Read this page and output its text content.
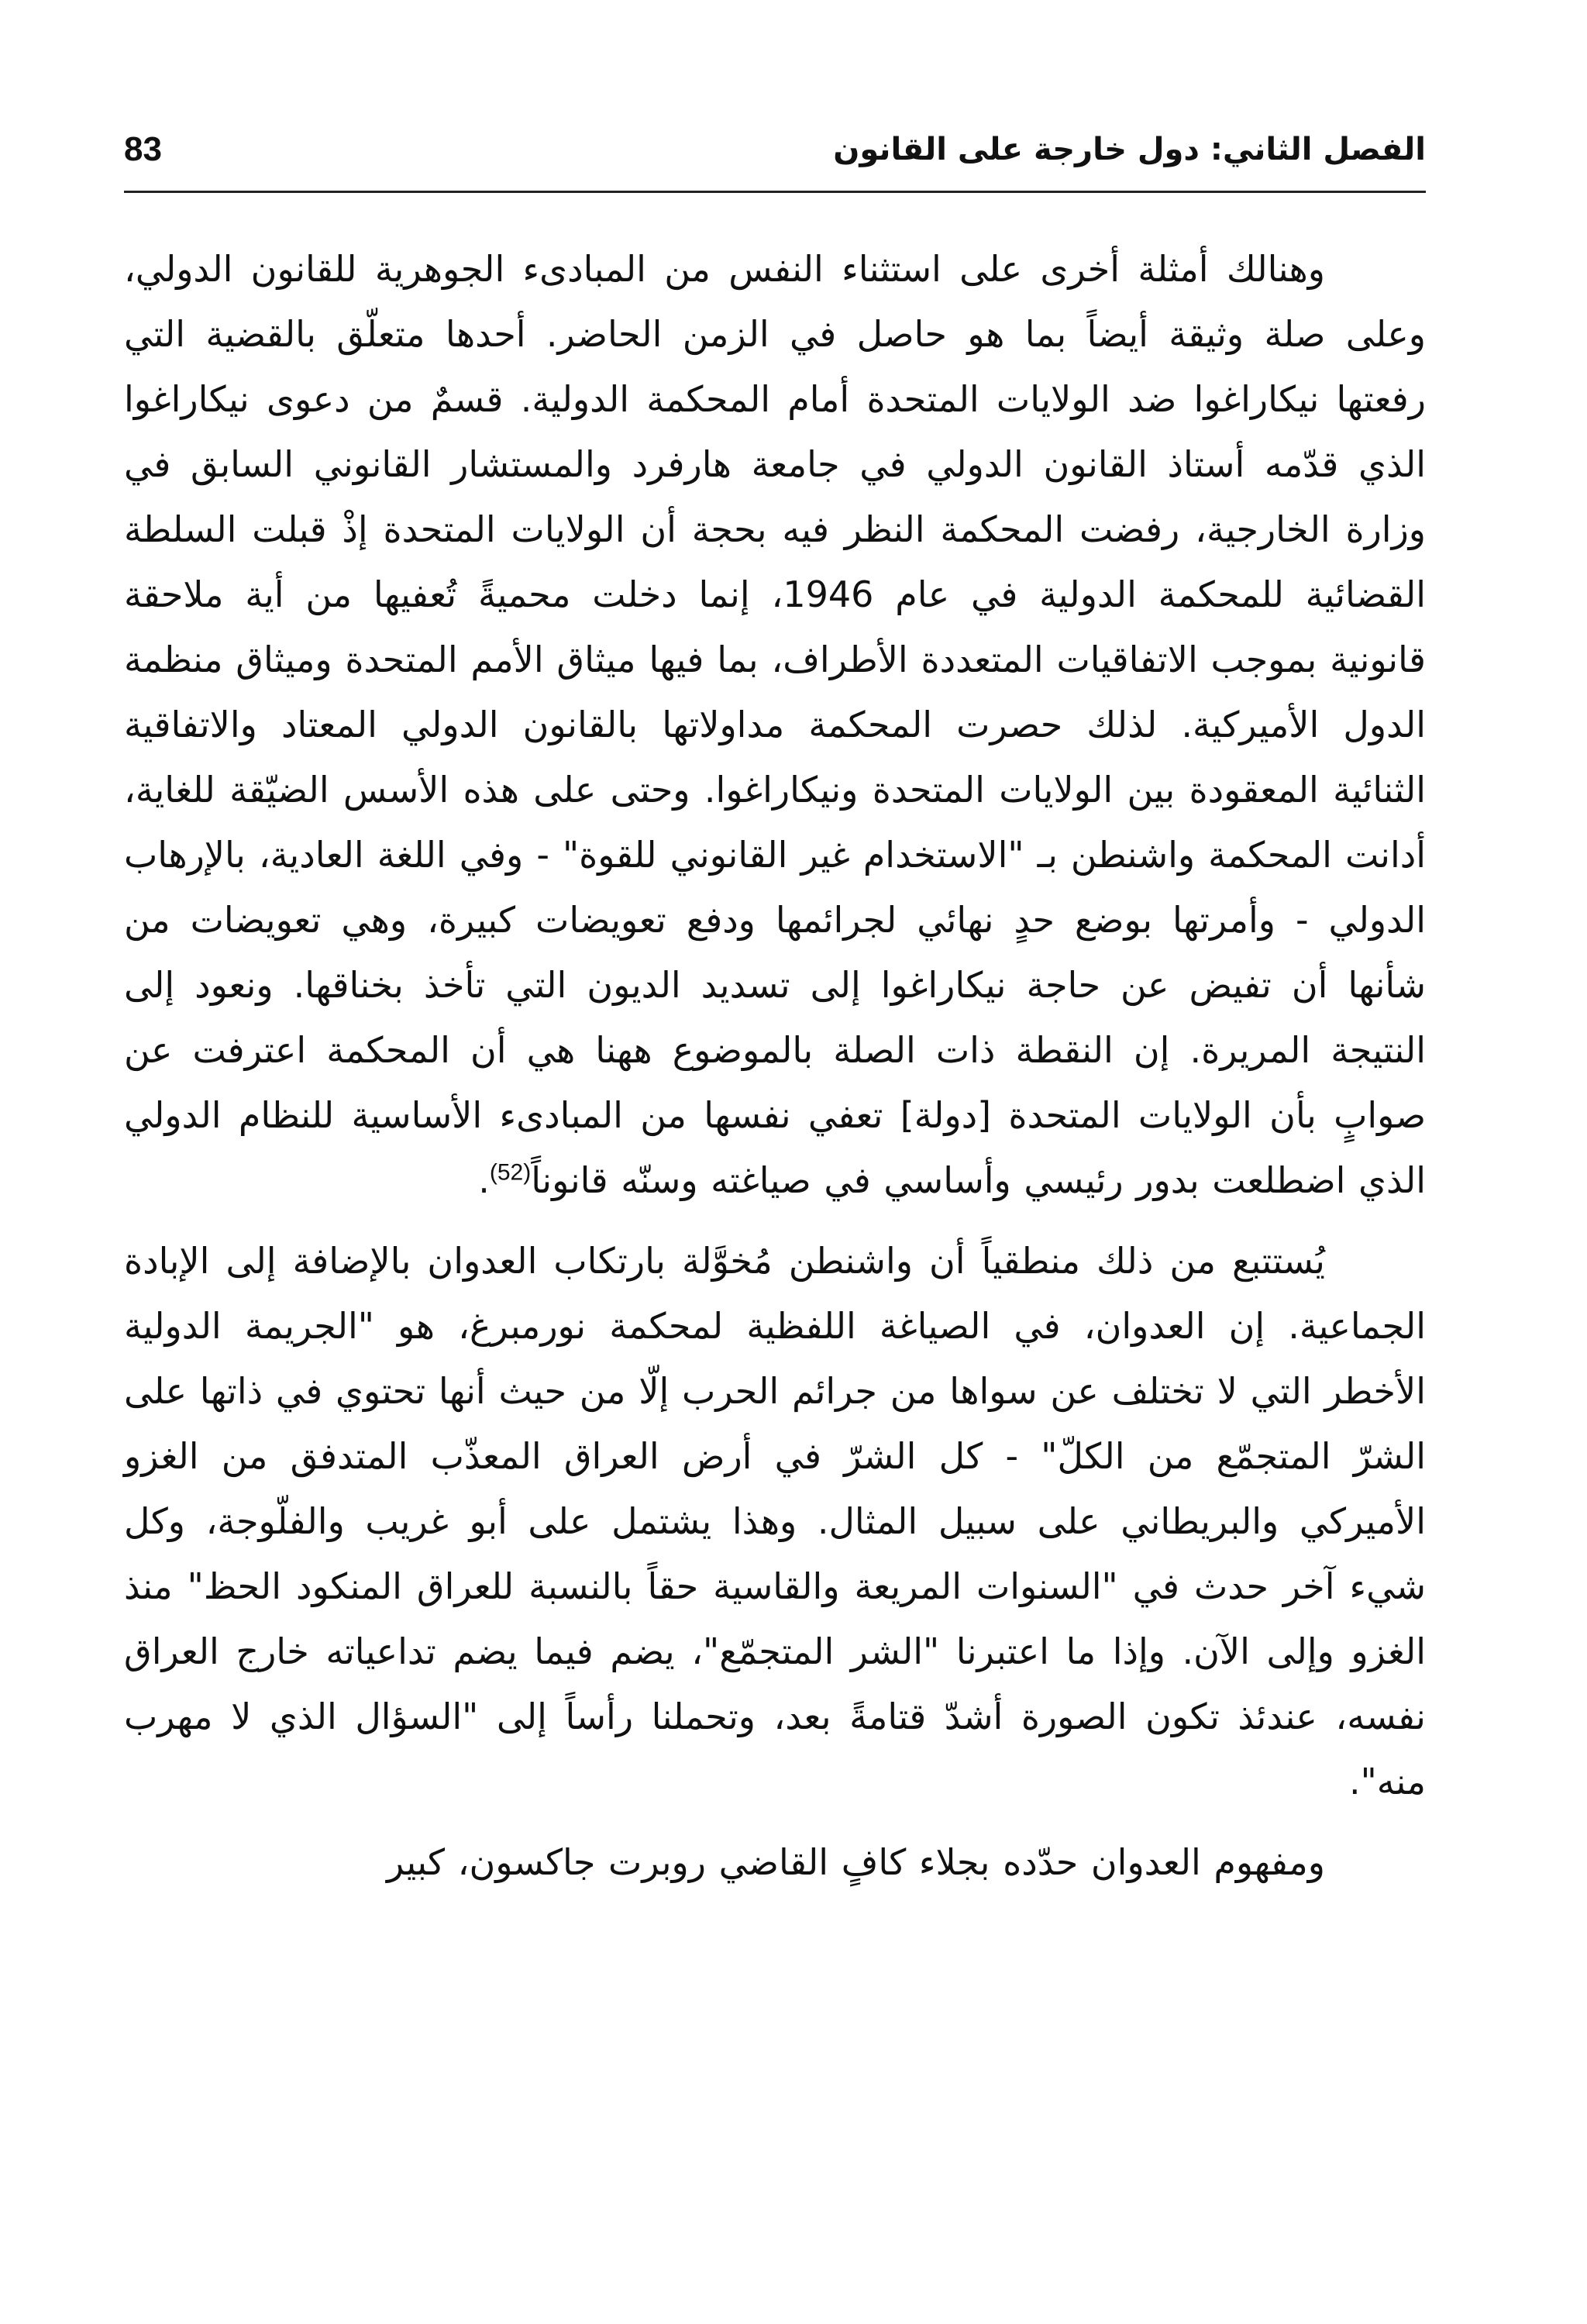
الفصل الثاني: دول خارجة على القانون
83

وهنالك أمثلة أخرى على استثناء النفس من المبادىء الجوهرية للقانون الدولي، وعلى صلة وثيقة أيضاً بما هو حاصل في الزمن الحاضر. أحدها متعلّق بالقضية التي رفعتها نيكاراغوا ضد الولايات المتحدة أمام المحكمة الدولية. قسمٌ من دعوى نيكاراغوا الذي قدّمه أستاذ القانون الدولي في جامعة هارفرد والمستشار القانوني السابق في وزارة الخارجية، رفضت المحكمة النظر فيه بحجة أن الولايات المتحدة إذْ قبلت السلطة القضائية للمحكمة الدولية في عام 1946، إنما دخلت محميةً تُعفيها من أية ملاحقة قانونية بموجب الاتفاقيات المتعددة الأطراف، بما فيها ميثاق الأمم المتحدة وميثاق منظمة الدول الأميركية. لذلك حصرت المحكمة مداولاتها بالقانون الدولي المعتاد والاتفاقية الثنائية المعقودة بين الولايات المتحدة ونيكاراغوا. وحتى على هذه الأسس الضيّقة للغاية، أدانت المحكمة واشنطن بـ "الاستخدام غير القانوني للقوة" - وفي اللغة العادية، بالإرهاب الدولي - وأمرتها بوضع حدٍ نهائي لجرائمها ودفع تعويضات كبيرة، وهي تعويضات من شأنها أن تفيض عن حاجة نيكاراغوا إلى تسديد الديون التي تأخذ بخناقها. ونعود إلى النتيجة المريرة. إن النقطة ذات الصلة بالموضوع ههنا هي أن المحكمة اعترفت عن صوابٍ بأن الولايات المتحدة [دولة] تعفي نفسها من المبادىء الأساسية للنظام الدولي الذي اضطلعت بدور رئيسي وأساسي في صياغته وسنّه قانوناً$^{(52)}$.

يُستتبع من ذلك منطقياً أن واشنطن مُخوَّلة بارتكاب العدوان بالإضافة إلى الإبادة الجماعية. إن العدوان، في الصياغة اللفظية لمحكمة نورمبرغ، هو "الجريمة الدولية الأخطر التي لا تختلف عن سواها من جرائم الحرب إلّا من حيث أنها تحتوي في ذاتها على الشرّ المتجمّع من الكلّ" - كل الشرّ في أرض العراق المعذّب المتدفق من الغزو الأميركي والبريطاني على سبيل المثال. وهذا يشتمل على أبو غريب والفلّوجة، وكل شيء آخر حدث في "السنوات المريعة والقاسية حقاً بالنسبة للعراق المنكود الحظ" منذ الغزو وإلى الآن. وإذا ما اعتبرنا "الشر المتجمّع"، يضم فيما يضم تداعياته خارج العراق نفسه، عندئذ تكون الصورة أشدّ قتامةً بعد، وتحملنا رأساً إلى "السؤال الذي لا مهرب منه".

ومفهوم العدوان حدّده بجلاء كافٍ القاضي روبرت جاكسون، كبير
